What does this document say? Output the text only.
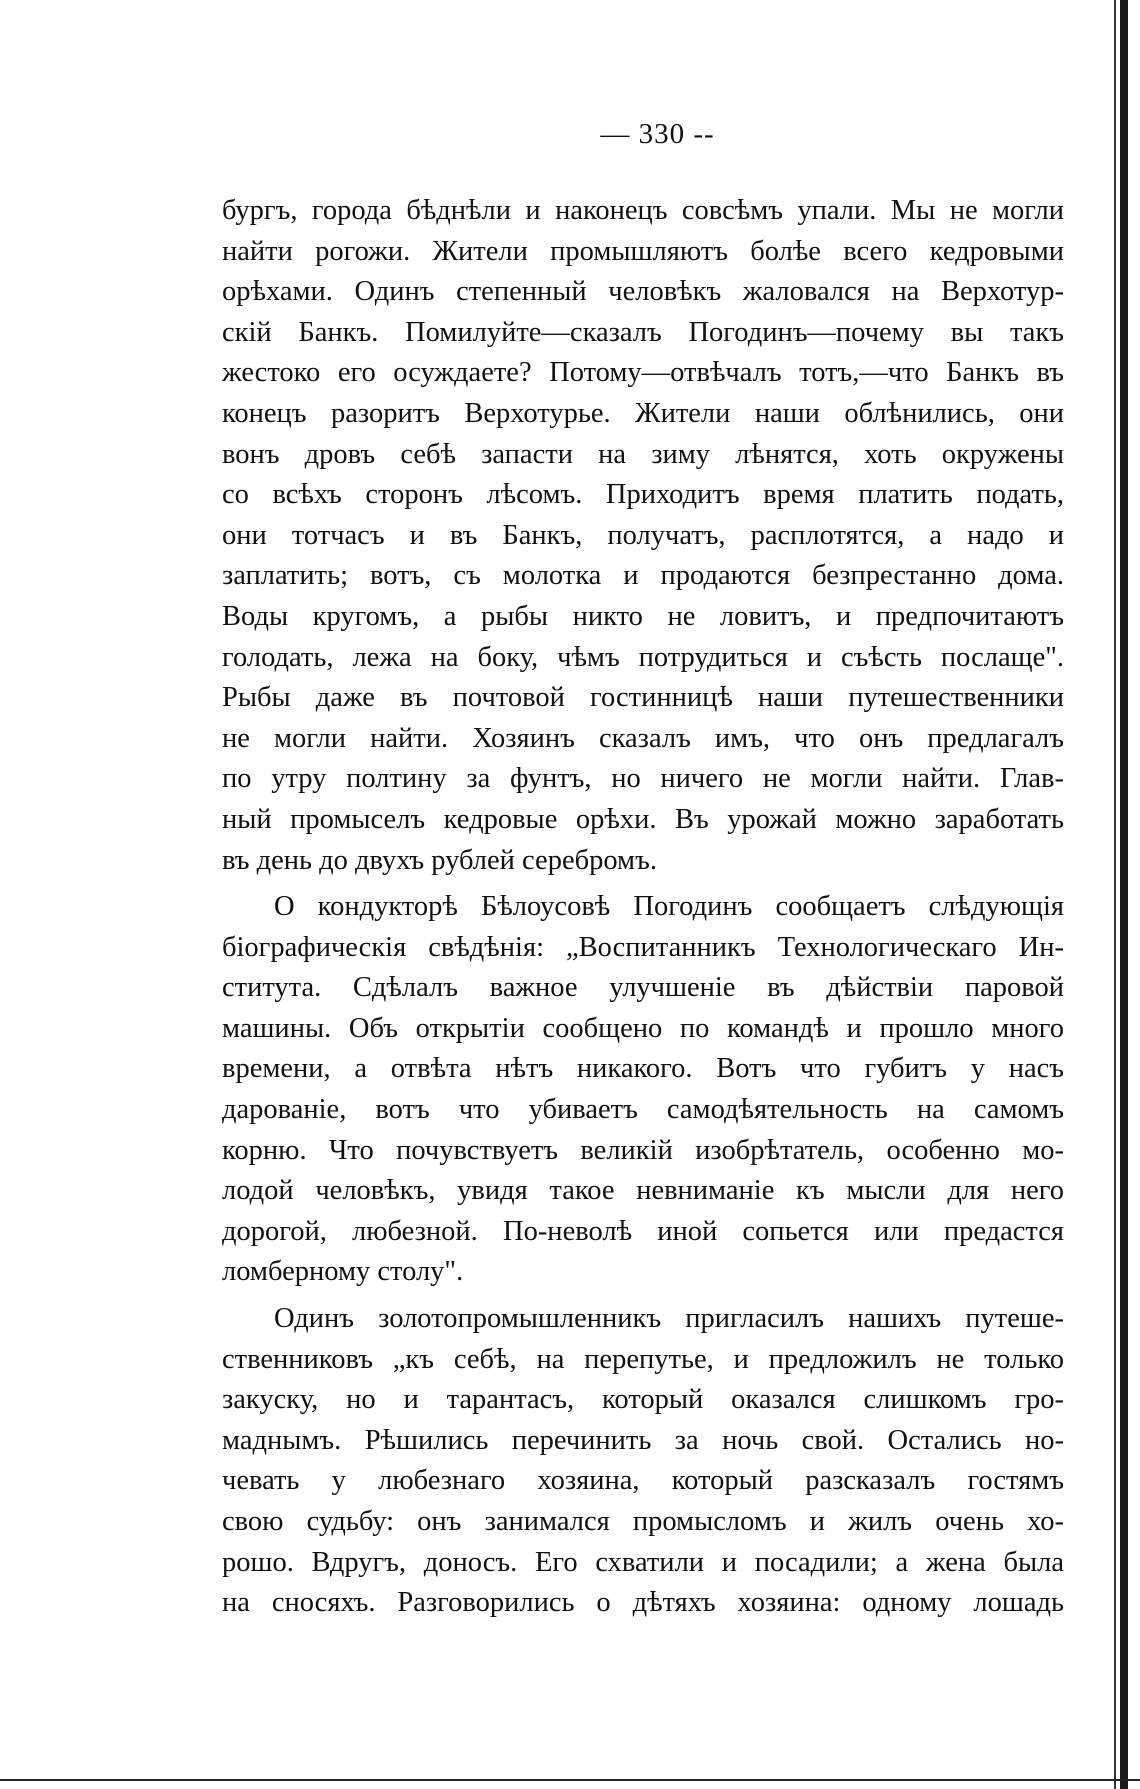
— 330 --
бургъ, города бѣднѣли и наконецъ совсѣмъ упали. Мы не могли
найти рогожи. Жители промышляютъ болѣе всего кедровыми
орѣхами. Одинъ степенный человѣкъ жаловался на Верхотур-
скій Банкъ. Помилуйте—сказалъ Погодинъ—почему вы такъ
жестоко его осуждаете? Потому—отвѣчалъ тотъ,—что Банкъ въ
конецъ разоритъ Верхотурье. Жители наши облѣнились, они
вонъ дровъ себѣ запасти на зиму лѣнятся, хоть окружены
со всѣхъ сторонъ лѣсомъ. Приходитъ время платить подать,
они тотчасъ и въ Банкъ, получатъ, расплотятся, а надо и
заплатить; вотъ, съ молотка и продаются безпрестанно дома.
Воды кругомъ, а рыбы никто не ловитъ, и предпочитаютъ
голодать, лежа на боку, чѣмъ потрудиться и съѣсть послаще".
Рыбы даже въ почтовой гостинницѣ наши путешественники
не могли найти. Хозяинъ сказалъ имъ, что онъ предлагалъ
по утру полтину за фунтъ, но ничего не могли найти. Глав-
ный промыселъ кедровые орѣхи. Въ урожай можно заработать
въ день до двухъ рублей серебромъ.
О кондукторѣ Бѣлоусовѣ Погодинъ сообщаетъ слѣдующія
біографическія свѣдѣнія: „Воспитанникъ Технологическаго Ин-
ститута. Сдѣлалъ важное улучшеніе въ дѣйствіи паровой
машины. Объ открытіи сообщено по командѣ и прошло много
времени, а отвѣта нѣтъ никакого. Вотъ что губитъ у насъ
дарованіе, вотъ что убиваетъ самодѣятельность на самомъ
корню. Что почувствуетъ великій изобрѣтатель, особенно мо-
лодой человѣкъ, увидя такое невниманіе къ мысли для него
дорогой, любезной. По-неволѣ иной сопьется или предастся
ломберному столу".
Одинъ золотопромышленникъ пригласилъ нашихъ путеше-
ственниковъ „къ себѣ, на перепутье, и предложилъ не только
закуску, но и тарантасъ, который оказался слишкомъ гро-
маднымъ. Рѣшились перечинить за ночь свой. Остались но-
чевать у любезнаго хозяина, который разсказалъ гостямъ
свою судьбу: онъ занимался промысломъ и жилъ очень хо-
рошо. Вдругъ, доносъ. Его схватили и посадили; а жена была
на сносяхъ. Разговорились о дѣтяхъ хозяина: одному лошадь
